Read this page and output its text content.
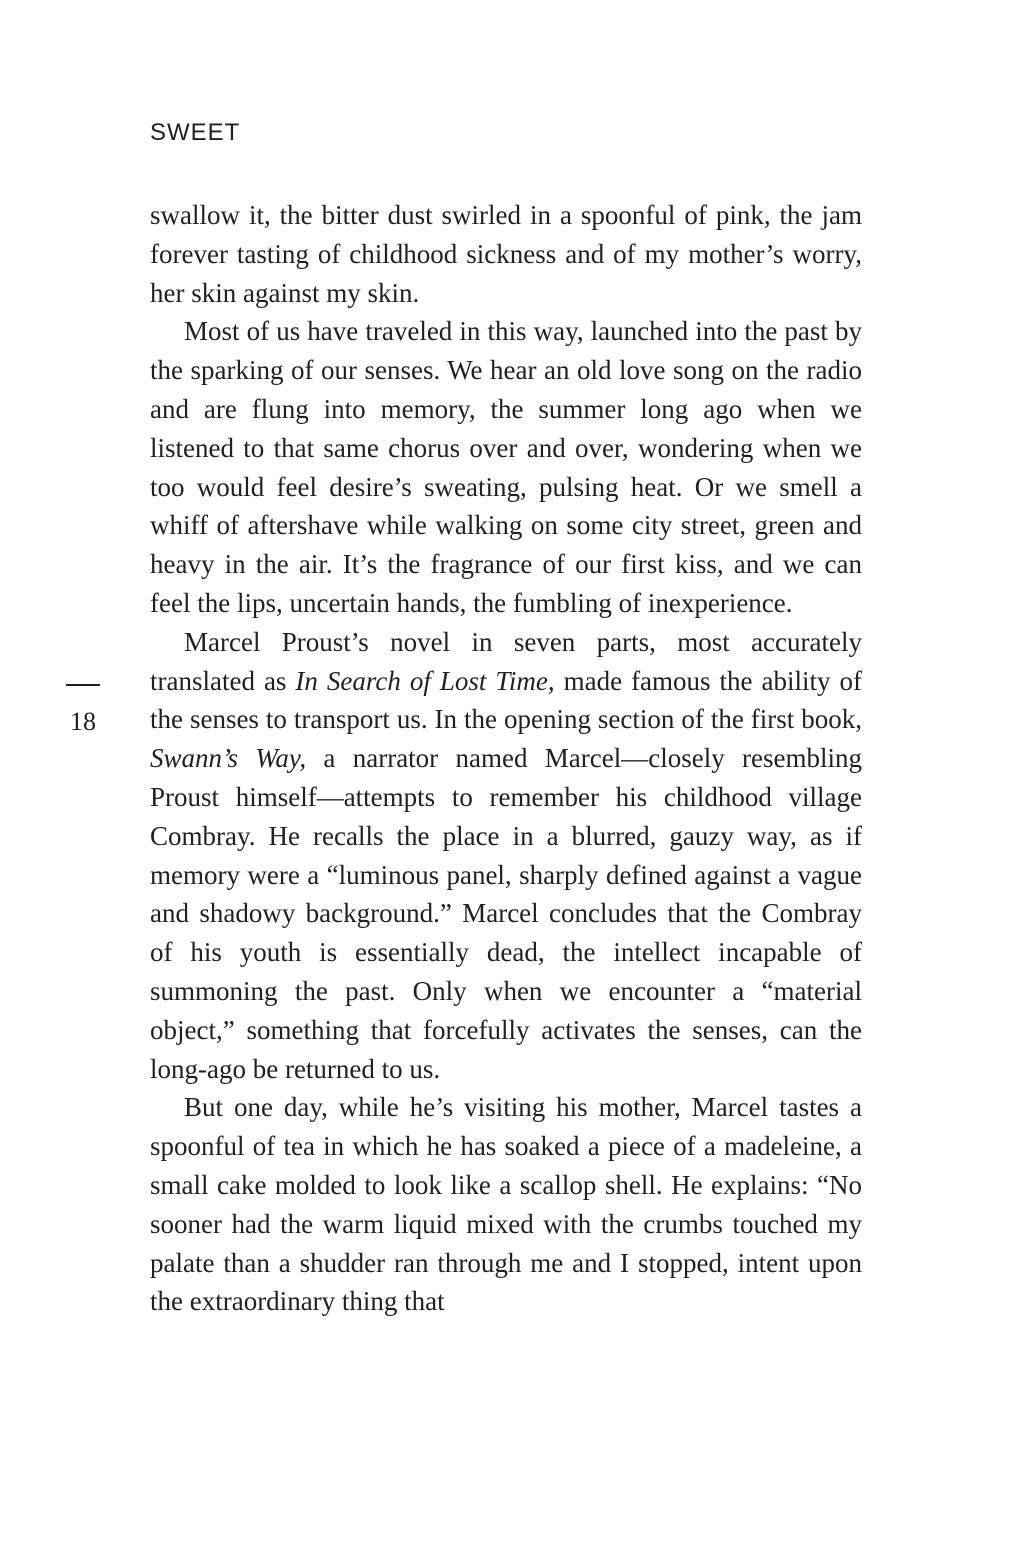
SWEET
18

swallow it, the bitter dust swirled in a spoonful of pink, the jam forever tasting of childhood sickness and of my mother’s worry, her skin against my skin.

Most of us have traveled in this way, launched into the past by the sparking of our senses. We hear an old love song on the radio and are flung into memory, the summer long ago when we listened to that same chorus over and over, wondering when we too would feel desire’s sweating, pulsing heat. Or we smell a whiff of aftershave while walking on some city street, green and heavy in the air. It’s the fragrance of our first kiss, and we can feel the lips, uncertain hands, the fumbling of inexperience.

Marcel Proust’s novel in seven parts, most accurately translated as In Search of Lost Time, made famous the ability of the senses to transport us. In the opening section of the first book, Swann’s Way, a narrator named Marcel—closely resembling Proust himself—attempts to remember his childhood village Combray. He recalls the place in a blurred, gauzy way, as if memory were a “luminous panel, sharply defined against a vague and shadowy background.” Marcel concludes that the Combray of his youth is essentially dead, the intellect incapable of summoning the past. Only when we encounter a “material object,” something that forcefully activates the senses, can the long-ago be returned to us.

But one day, while he’s visiting his mother, Marcel tastes a spoonful of tea in which he has soaked a piece of a madeleine, a small cake molded to look like a scallop shell. He explains: “No sooner had the warm liquid mixed with the crumbs touched my palate than a shudder ran through me and I stopped, intent upon the extraordinary thing that
